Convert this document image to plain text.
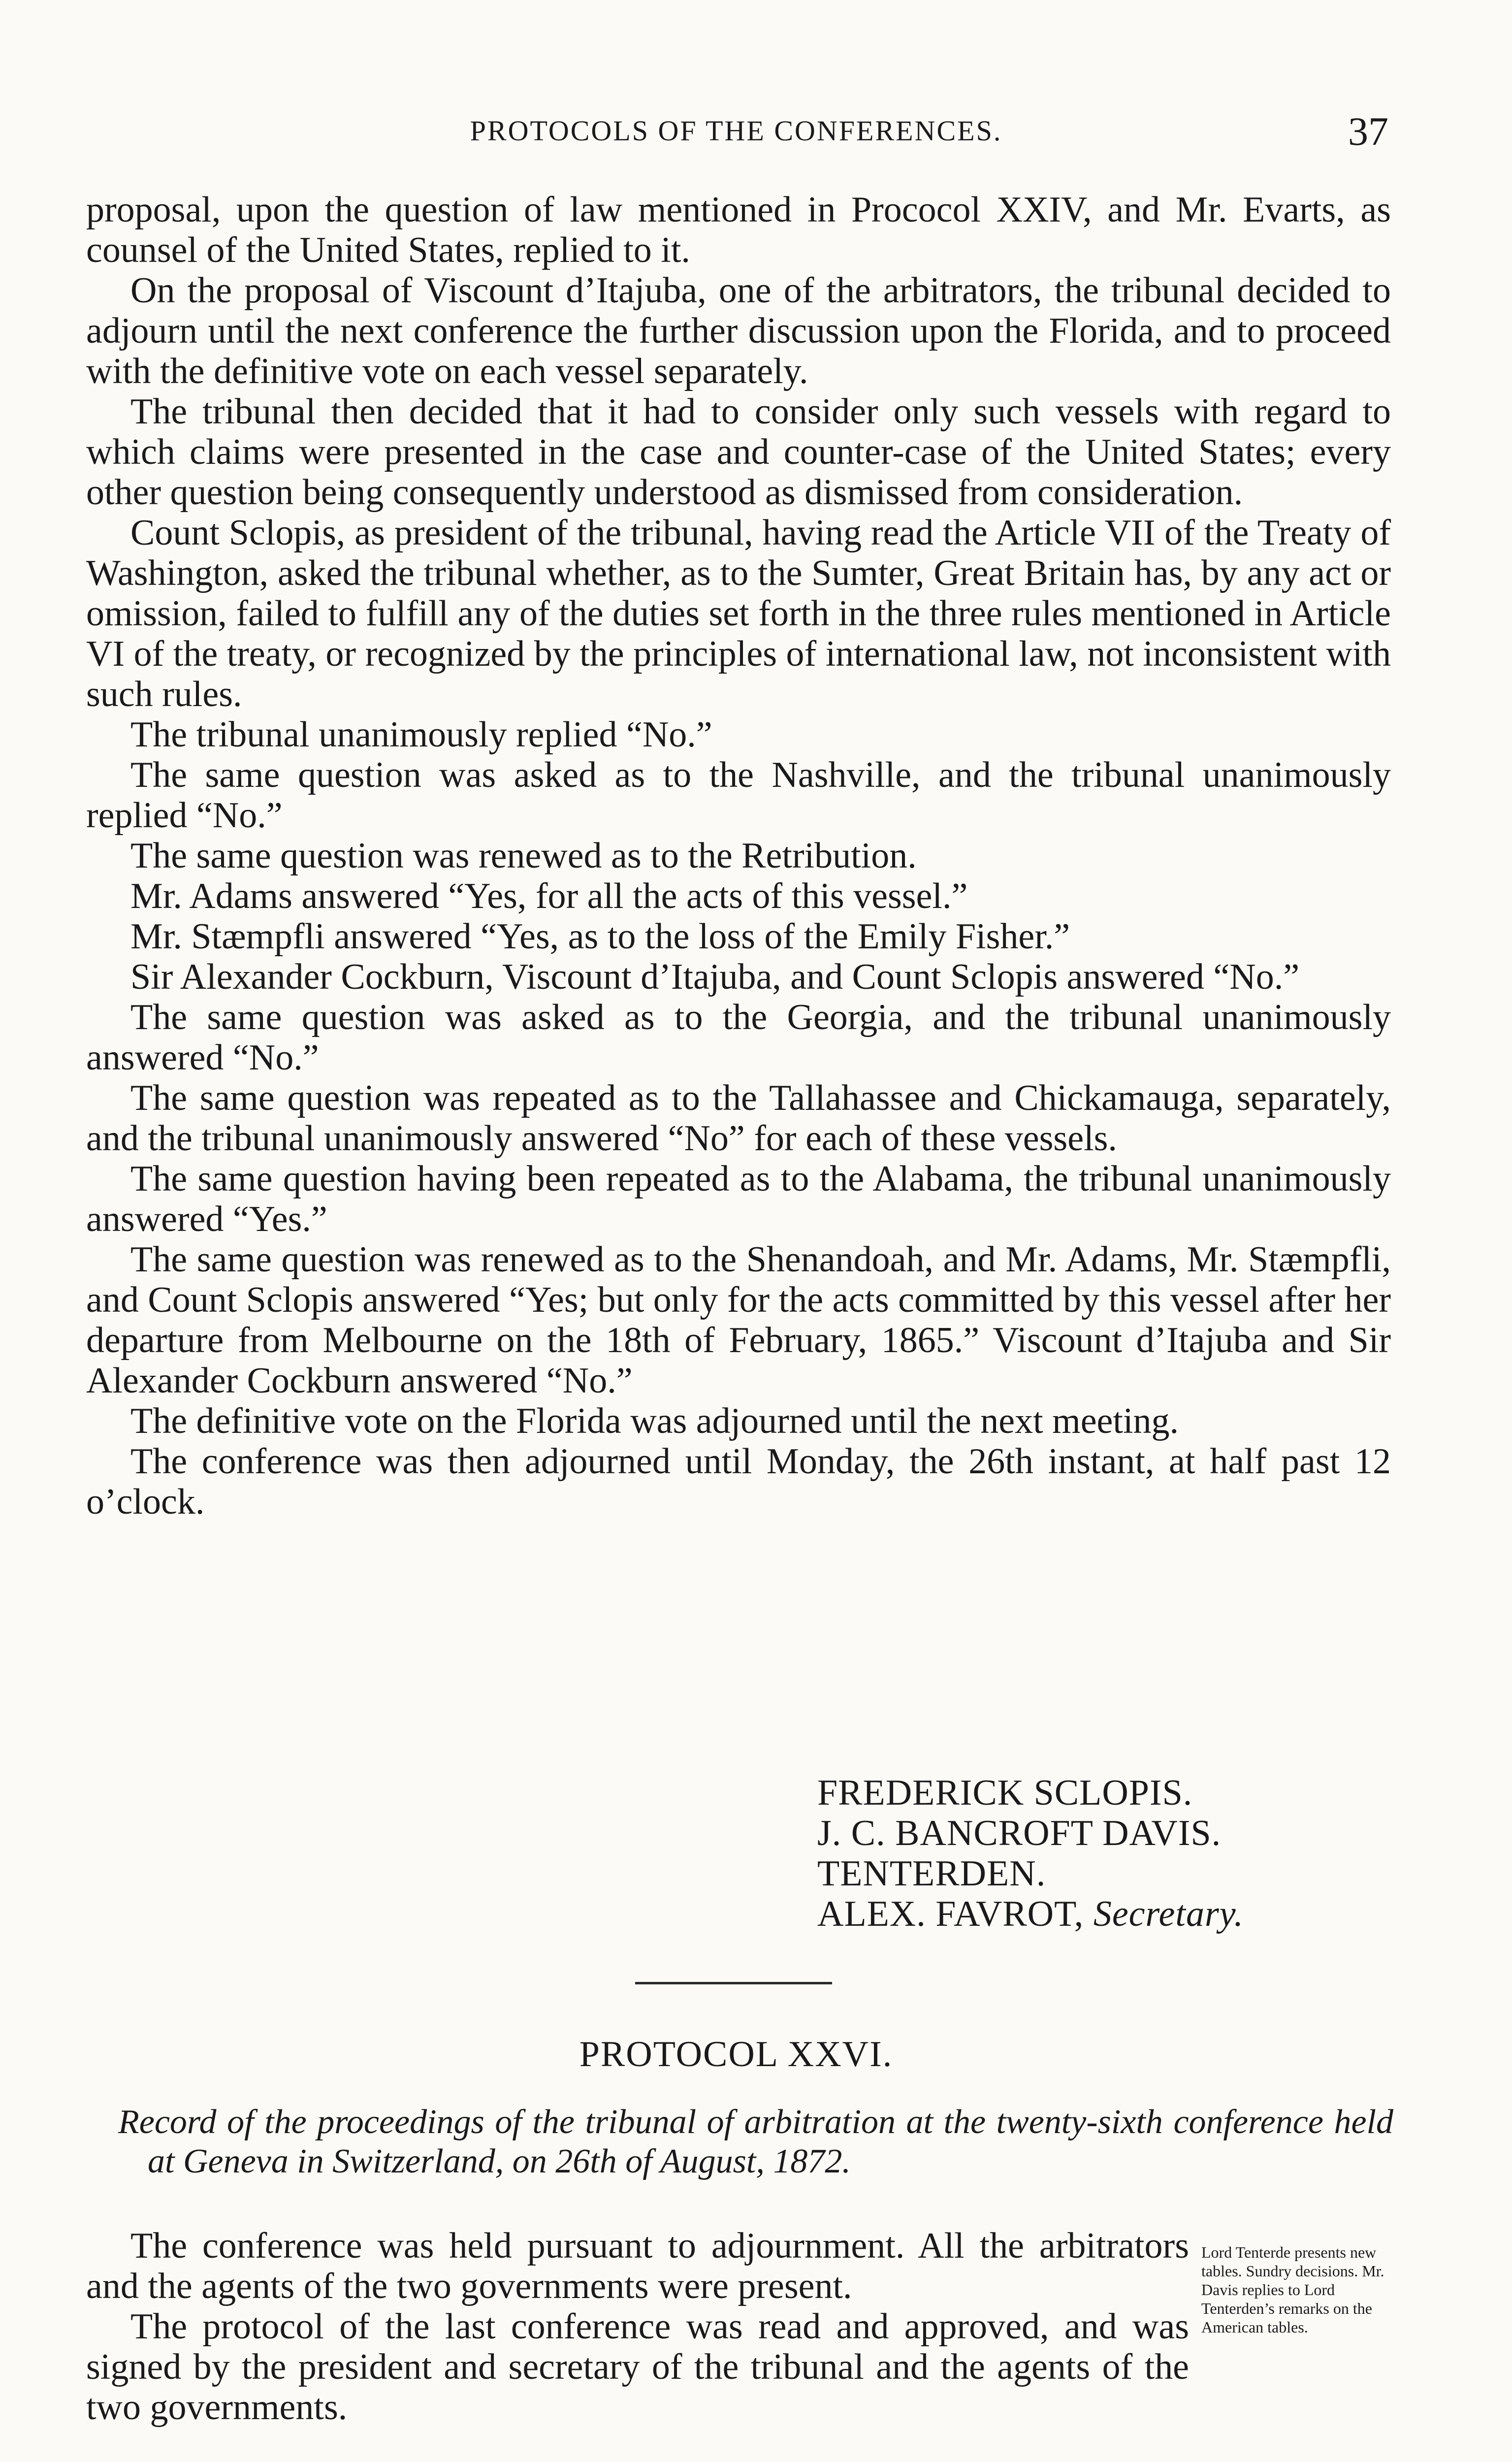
PROTOCOLS OF THE CONFERENCES.	37

proposal, upon the question of law mentioned in Prococol XXIV, and Mr. Evarts, as counsel of the United States, replied to it.

On the proposal of Viscount d’Itajuba, one of the arbitrators, the tribunal decided to adjourn until the next conference the further discussion upon the Florida, and to proceed with the definitive vote on each vessel separately.

The tribunal then decided that it had to consider only such vessels with regard to which claims were presented in the case and counter-case of the United States; every other question being consequently understood as dismissed from consideration.

Count Sclopis, as president of the tribunal, having read the Article VII of the Treaty of Washington, asked the tribunal whether, as to the Sumter, Great Britain has, by any act or omission, failed to fulfill any of the duties set forth in the three rules mentioned in Article VI of the treaty, or recognized by the principles of international law, not inconsistent with such rules.

The tribunal unanimously replied “No.”

The same question was asked as to the Nashville, and the tribunal unanimously replied “No.”

The same question was renewed as to the Retribution.

Mr. Adams answered “Yes, for all the acts of this vessel.”

Mr. Stæmpfli answered “Yes, as to the loss of the Emily Fisher.”

Sir Alexander Cockburn, Viscount d’Itajuba, and Count Sclopis answered “No.”

The same question was asked as to the Georgia, and the tribunal unanimously answered “No.”

The same question was repeated as to the Tallahassee and Chickamauga, separately, and the tribunal unanimously answered “No” for each of these vessels.

The same question having been repeated as to the Alabama, the tribunal unanimously answered “Yes.”

The same question was renewed as to the Shenandoah, and Mr. Adams, Mr. Stæmpfli, and Count Sclopis answered “Yes; but only for the acts committed by this vessel after her departure from Melbourne on the 18th of February, 1865.” Viscount d’Itajuba and Sir Alexander Cockburn answered “No.”

The definitive vote on the Florida was adjourned until the next meeting.

The conference was then adjourned until Monday, the 26th instant, at half past 12 o’clock.

FREDERICK SCLOPIS.
J. C. BANCROFT DAVIS.
TENTERDEN.
ALEX. FAVROT, Secretary.
PROTOCOL XXVI.
Record of the proceedings of the tribunal of arbitration at the twenty-sixth conference held at Geneva in Switzerland, on 26th of August, 1872.

The conference was held pursuant to adjournment. All the arbitrators and the agents of the two governments were present.

The protocol of the last conference was read and approved, and was signed by the president and secretary of the tribunal and the agents of the two governments.

Lord Tenterde presents new tables. Sundry decisions. Mr. Davis replies to Lord Tenterden’s remarks on the American tables.
